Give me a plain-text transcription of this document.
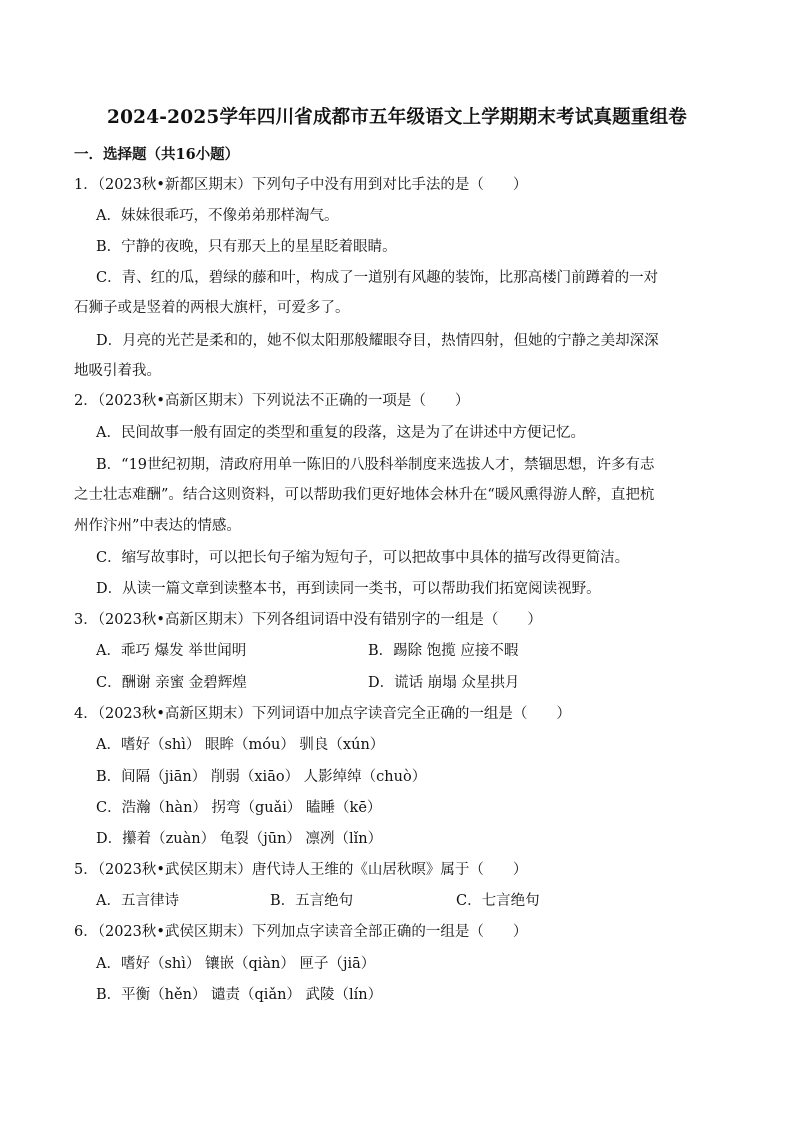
2024-2025学年四川省成都市五年级语文上学期期末考试真题重组卷
一．选择题（共16小题）
1．（2023秋•新都区期末）下列句子中没有用到对比手法的是（　　）
A．妹妹很乖巧，不像弟弟那样淘气。
B．宁静的夜晚，只有那天上的星星眨着眼睛。
C．青、红的瓜，碧绿的藤和叶，构成了一道别有风趣的装饰，比那高楼门前蹲着的一对
石狮子或是竖着的两根大旗杆，可爱多了。
D．月亮的光芒是柔和的，她不似太阳那般耀眼夺目，热情四射，但她的宁静之美却深深
地吸引着我。
2．（2023秋•高新区期末）下列说法不正确的一项是（　　）
A．民间故事一般有固定的类型和重复的段落，这是为了在讲述中方便记忆。
B．“19世纪初期，清政府用单一陈旧的八股科举制度来选拔人才，禁锢思想，许多有志
之士壮志难酬”。结合这则资料，可以帮助我们更好地体会林升在“暖风熏得游人醉，直把杭
州作汴州”中表达的情感。
C．缩写故事时，可以把长句子缩为短句子，可以把故事中具体的描写改得更简洁。
D．从读一篇文章到读整本书，再到读同一类书，可以帮助我们拓宽阅读视野。
3．（2023秋•高新区期末）下列各组词语中没有错别字的一组是（　　）
A．乖巧 爆发 举世闻明	B．踢除 饱揽 应接不暇
C．酬谢 亲蜜 金碧辉煌	D．谎话 崩塌 众星拱月
4．（2023秋•高新区期末）下列词语中加点字读音完全正确的一组是（　　）
A．嗜好（shì） 眼眸（móu） 驯良（xún）
B．间隔（jiān） 削弱（xiāo） 人影绰绰（chuò）
C．浩瀚（hàn） 拐弯（guǎi） 瞌睡（kē）
D．攥着（zuàn） 龟裂（jūn） 凛冽（lǐn）
5．（2023秋•武侯区期末）唐代诗人王维的《山居秋暝》属于（　　）
A．五言律诗	B．五言绝句	C．七言绝句
6．（2023秋•武侯区期末）下列加点字读音全部正确的一组是（　　）
A．嗜好（shì） 镶嵌（qiàn） 匣子（jiā）
B．平衡（hěn） 谴责（qiǎn） 武陵（lín）
